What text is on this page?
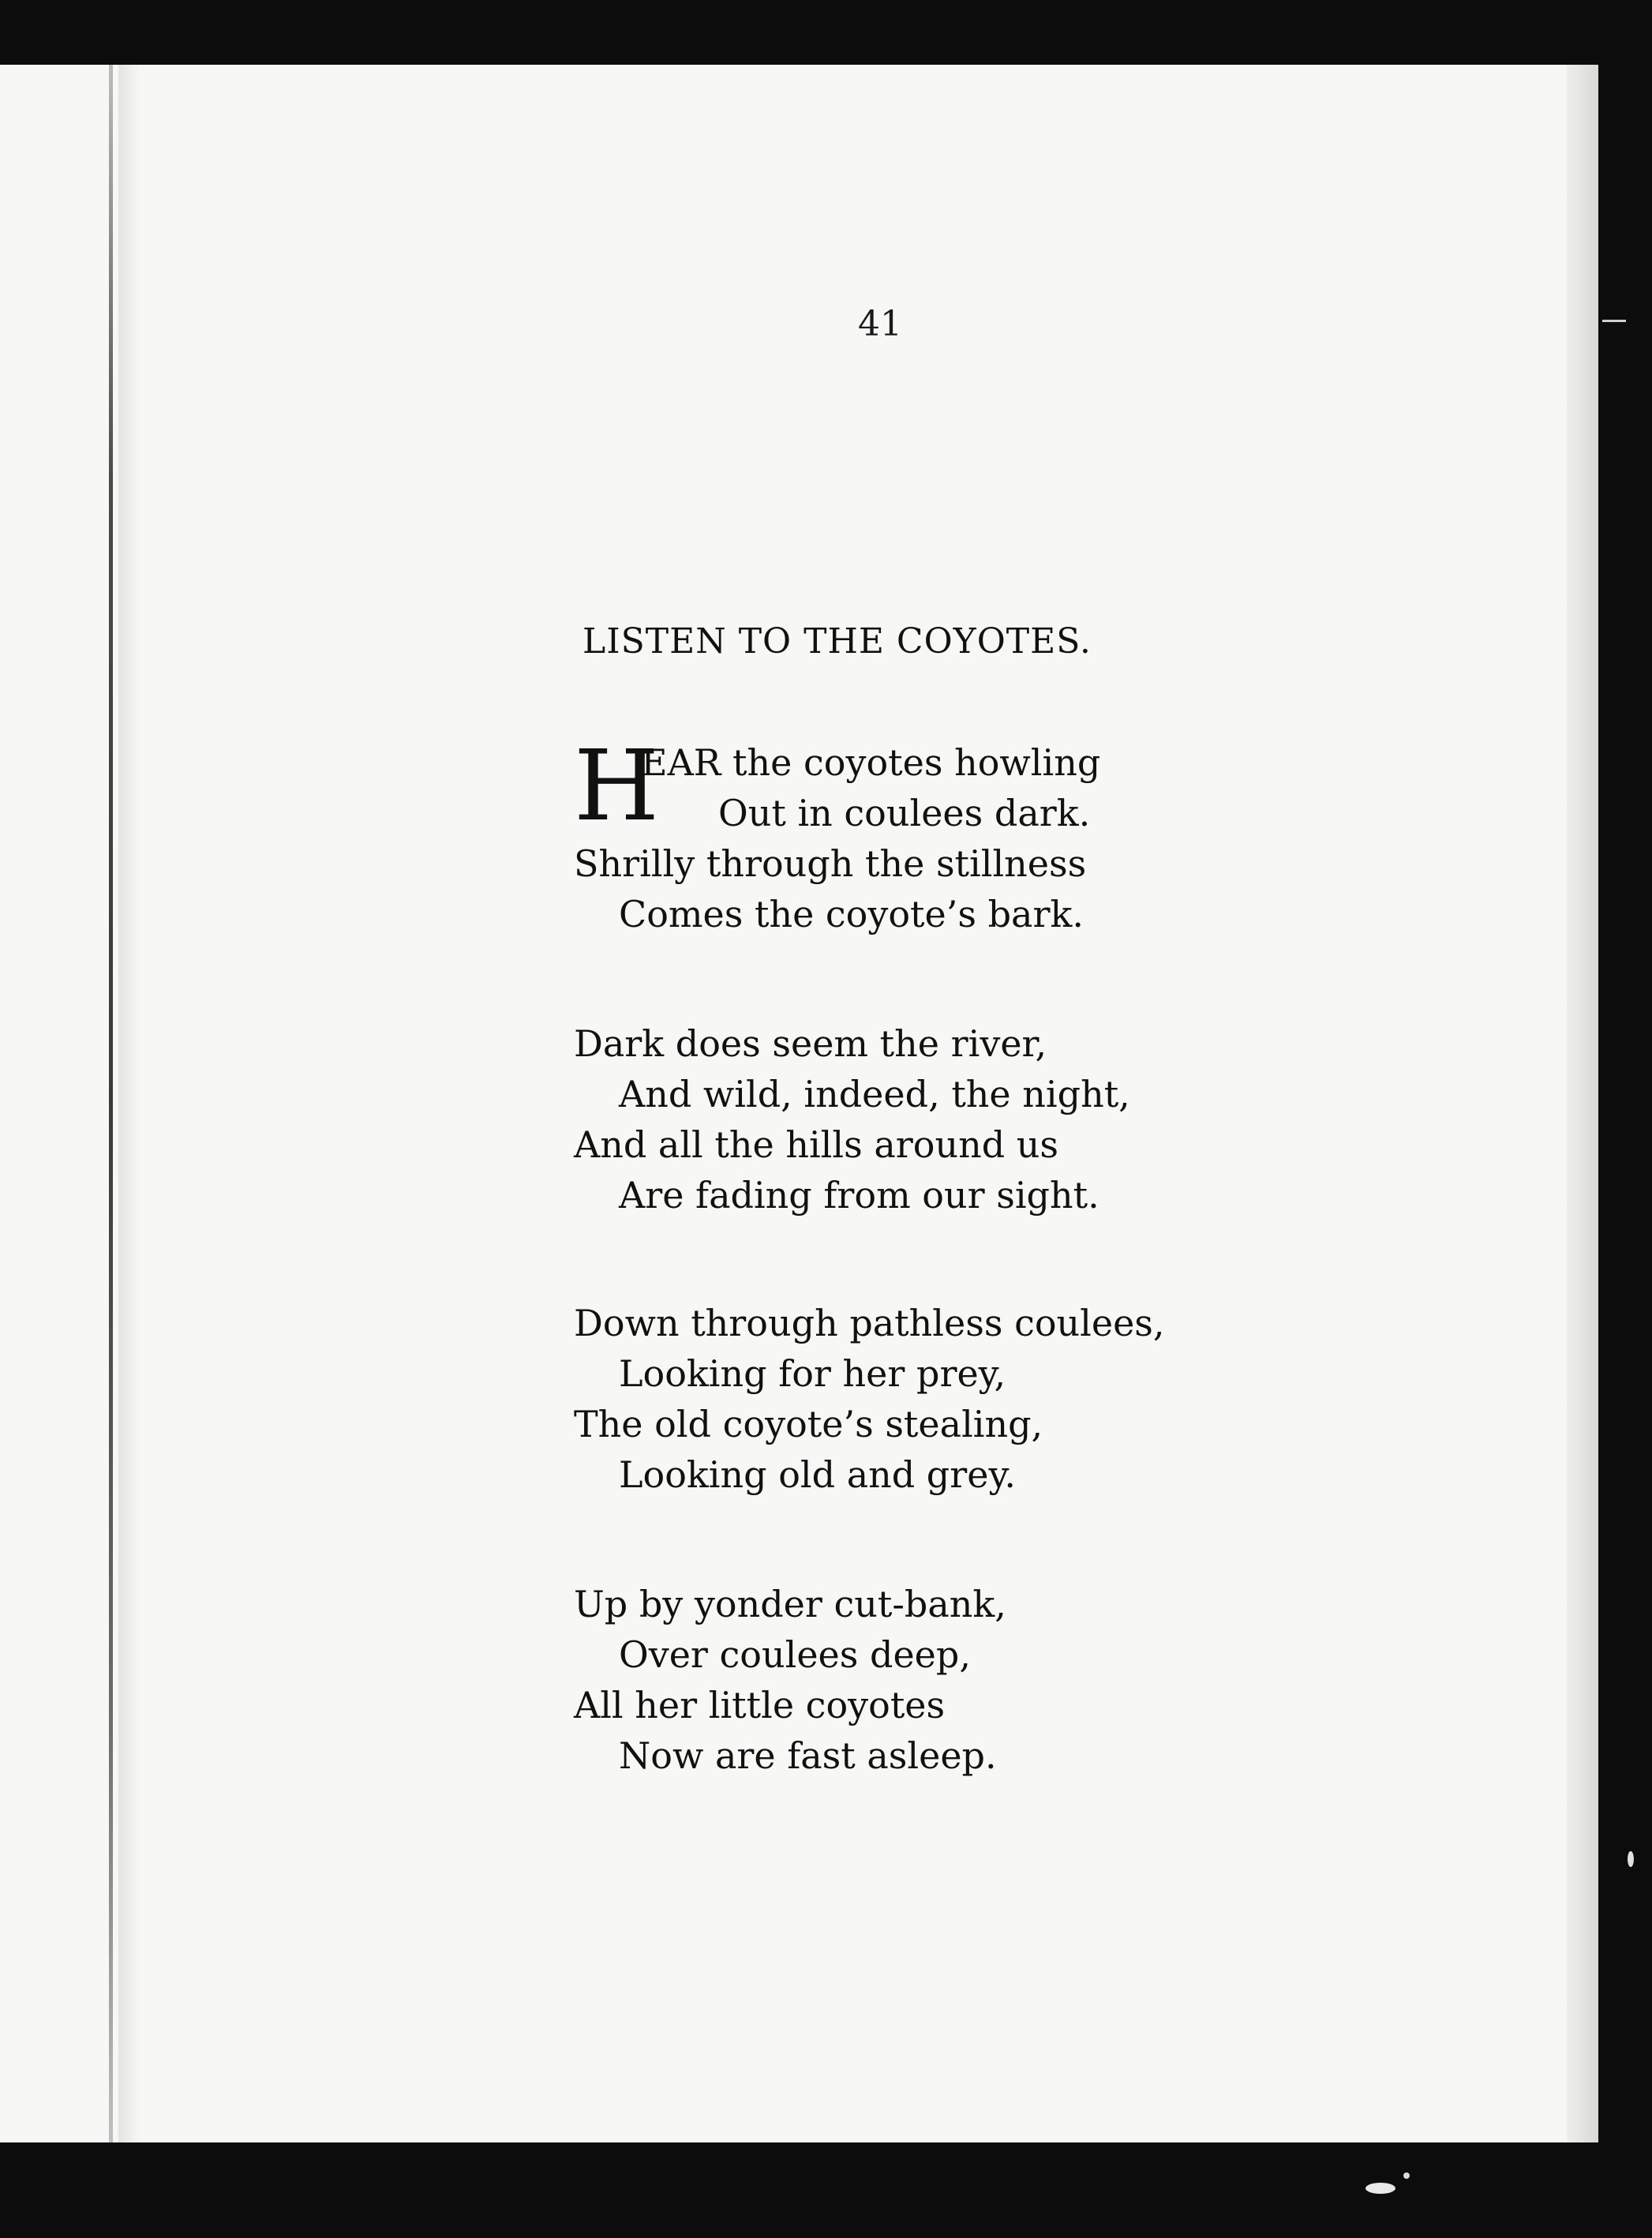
41
LISTEN TO THE COYOTES.
H
EAR the coyotes howling
Out in coulees dark.
Shrilly through the stillness
Comes the coyote’s bark.
Dark does seem the river,
And wild, indeed, the night,
And all the hills around us
Are fading from our sight.
Down through pathless coulees,
Looking for her prey,
The old coyote’s stealing,
Looking old and grey.
Up by yonder cut-bank,
Over coulees deep,
All her little coyotes
Now are fast asleep.
